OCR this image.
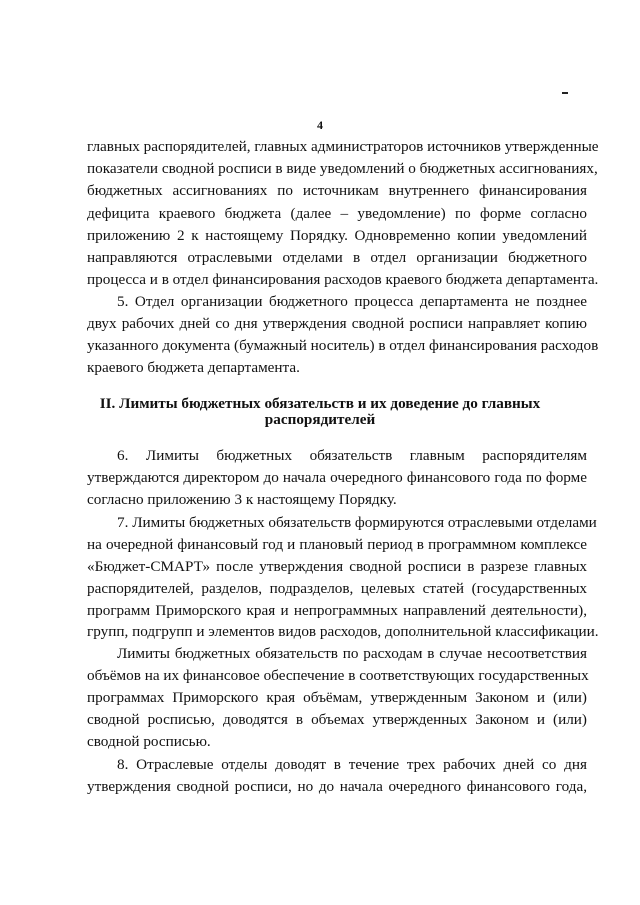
4
главных распорядителей, главных администраторов источников утвержденные
показатели сводной росписи в виде уведомлений о бюджетных ассигнованиях,
бюджетных ассигнованиях по источникам внутреннего финансирования
дефицита краевого бюджета (далее – уведомление) по форме согласно
приложению 2 к настоящему Порядку. Одновременно копии уведомлений
направляются отраслевыми отделами в отдел организации бюджетного
процесса и в отдел финансирования расходов краевого бюджета департамента.
5. Отдел организации бюджетного процесса департамента не позднее
двух рабочих дней со дня утверждения сводной росписи направляет копию
указанного документа (бумажный носитель) в отдел финансирования расходов
краевого бюджета департамента.
II. Лимиты бюджетных обязательств и их доведение до главных
распорядителей
6. Лимиты бюджетных обязательств главным распорядителям
утверждаются директором до начала очередного финансового года по форме
согласно приложению 3 к настоящему Порядку.
7. Лимиты бюджетных обязательств формируются отраслевыми отделами
на очередной финансовый год и плановый период в программном комплексе
«Бюджет-СМАРТ» после утверждения сводной росписи в разрезе главных
распорядителей, разделов, подразделов, целевых статей (государственных
программ Приморского края и непрограммных направлений деятельности),
групп, подгрупп и элементов видов расходов, дополнительной классификации.
Лимиты бюджетных обязательств по расходам в случае несоответствия
объёмов на их финансовое обеспечение в соответствующих государственных
программах Приморского края объёмам, утвержденным Законом и (или)
сводной росписью, доводятся в объемах утвержденных Законом и (или)
сводной росписью.
8. Отраслевые отделы доводят в течение трех рабочих дней со дня
утверждения сводной росписи, но до начала очередного финансового года,
